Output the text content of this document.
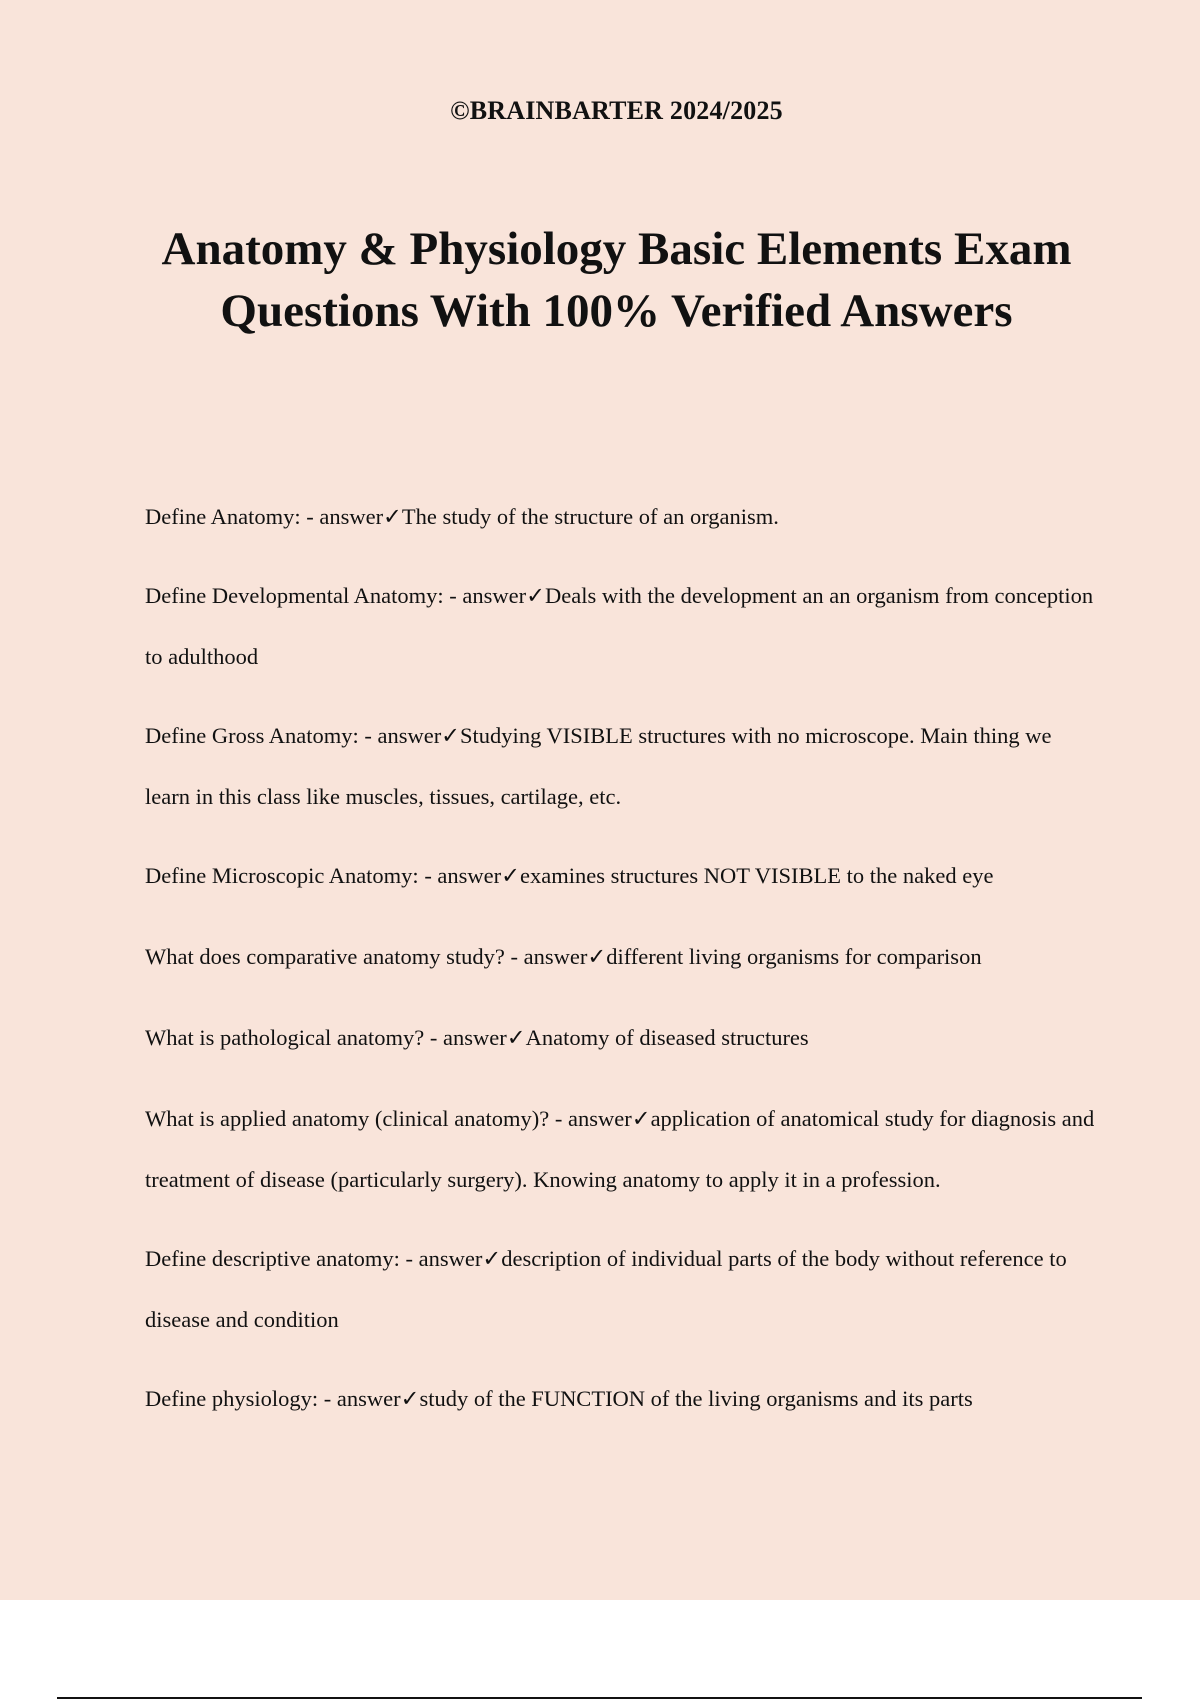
©BRAINBARTER 2024/2025
Anatomy & Physiology Basic Elements Exam
Questions With 100% Verified Answers
Define Anatomy: - answer✓The study of the structure of an organism.
Define Developmental Anatomy: - answer✓Deals with the development an an organism from conception to adulthood
Define Gross Anatomy: - answer✓Studying VISIBLE structures with no microscope. Main thing we learn in this class like muscles, tissues, cartilage, etc.
Define Microscopic Anatomy: - answer✓examines structures NOT VISIBLE to the naked eye
What does comparative anatomy study? - answer✓different living organisms for comparison
What is pathological anatomy? - answer✓Anatomy of diseased structures
What is applied anatomy (clinical anatomy)? - answer✓application of anatomical study for diagnosis and treatment of disease (particularly surgery). Knowing anatomy to apply it in a profession.
Define descriptive anatomy: - answer✓description of individual parts of the body without reference to disease and condition
Define physiology: - answer✓study of the FUNCTION of the living organisms and its parts
